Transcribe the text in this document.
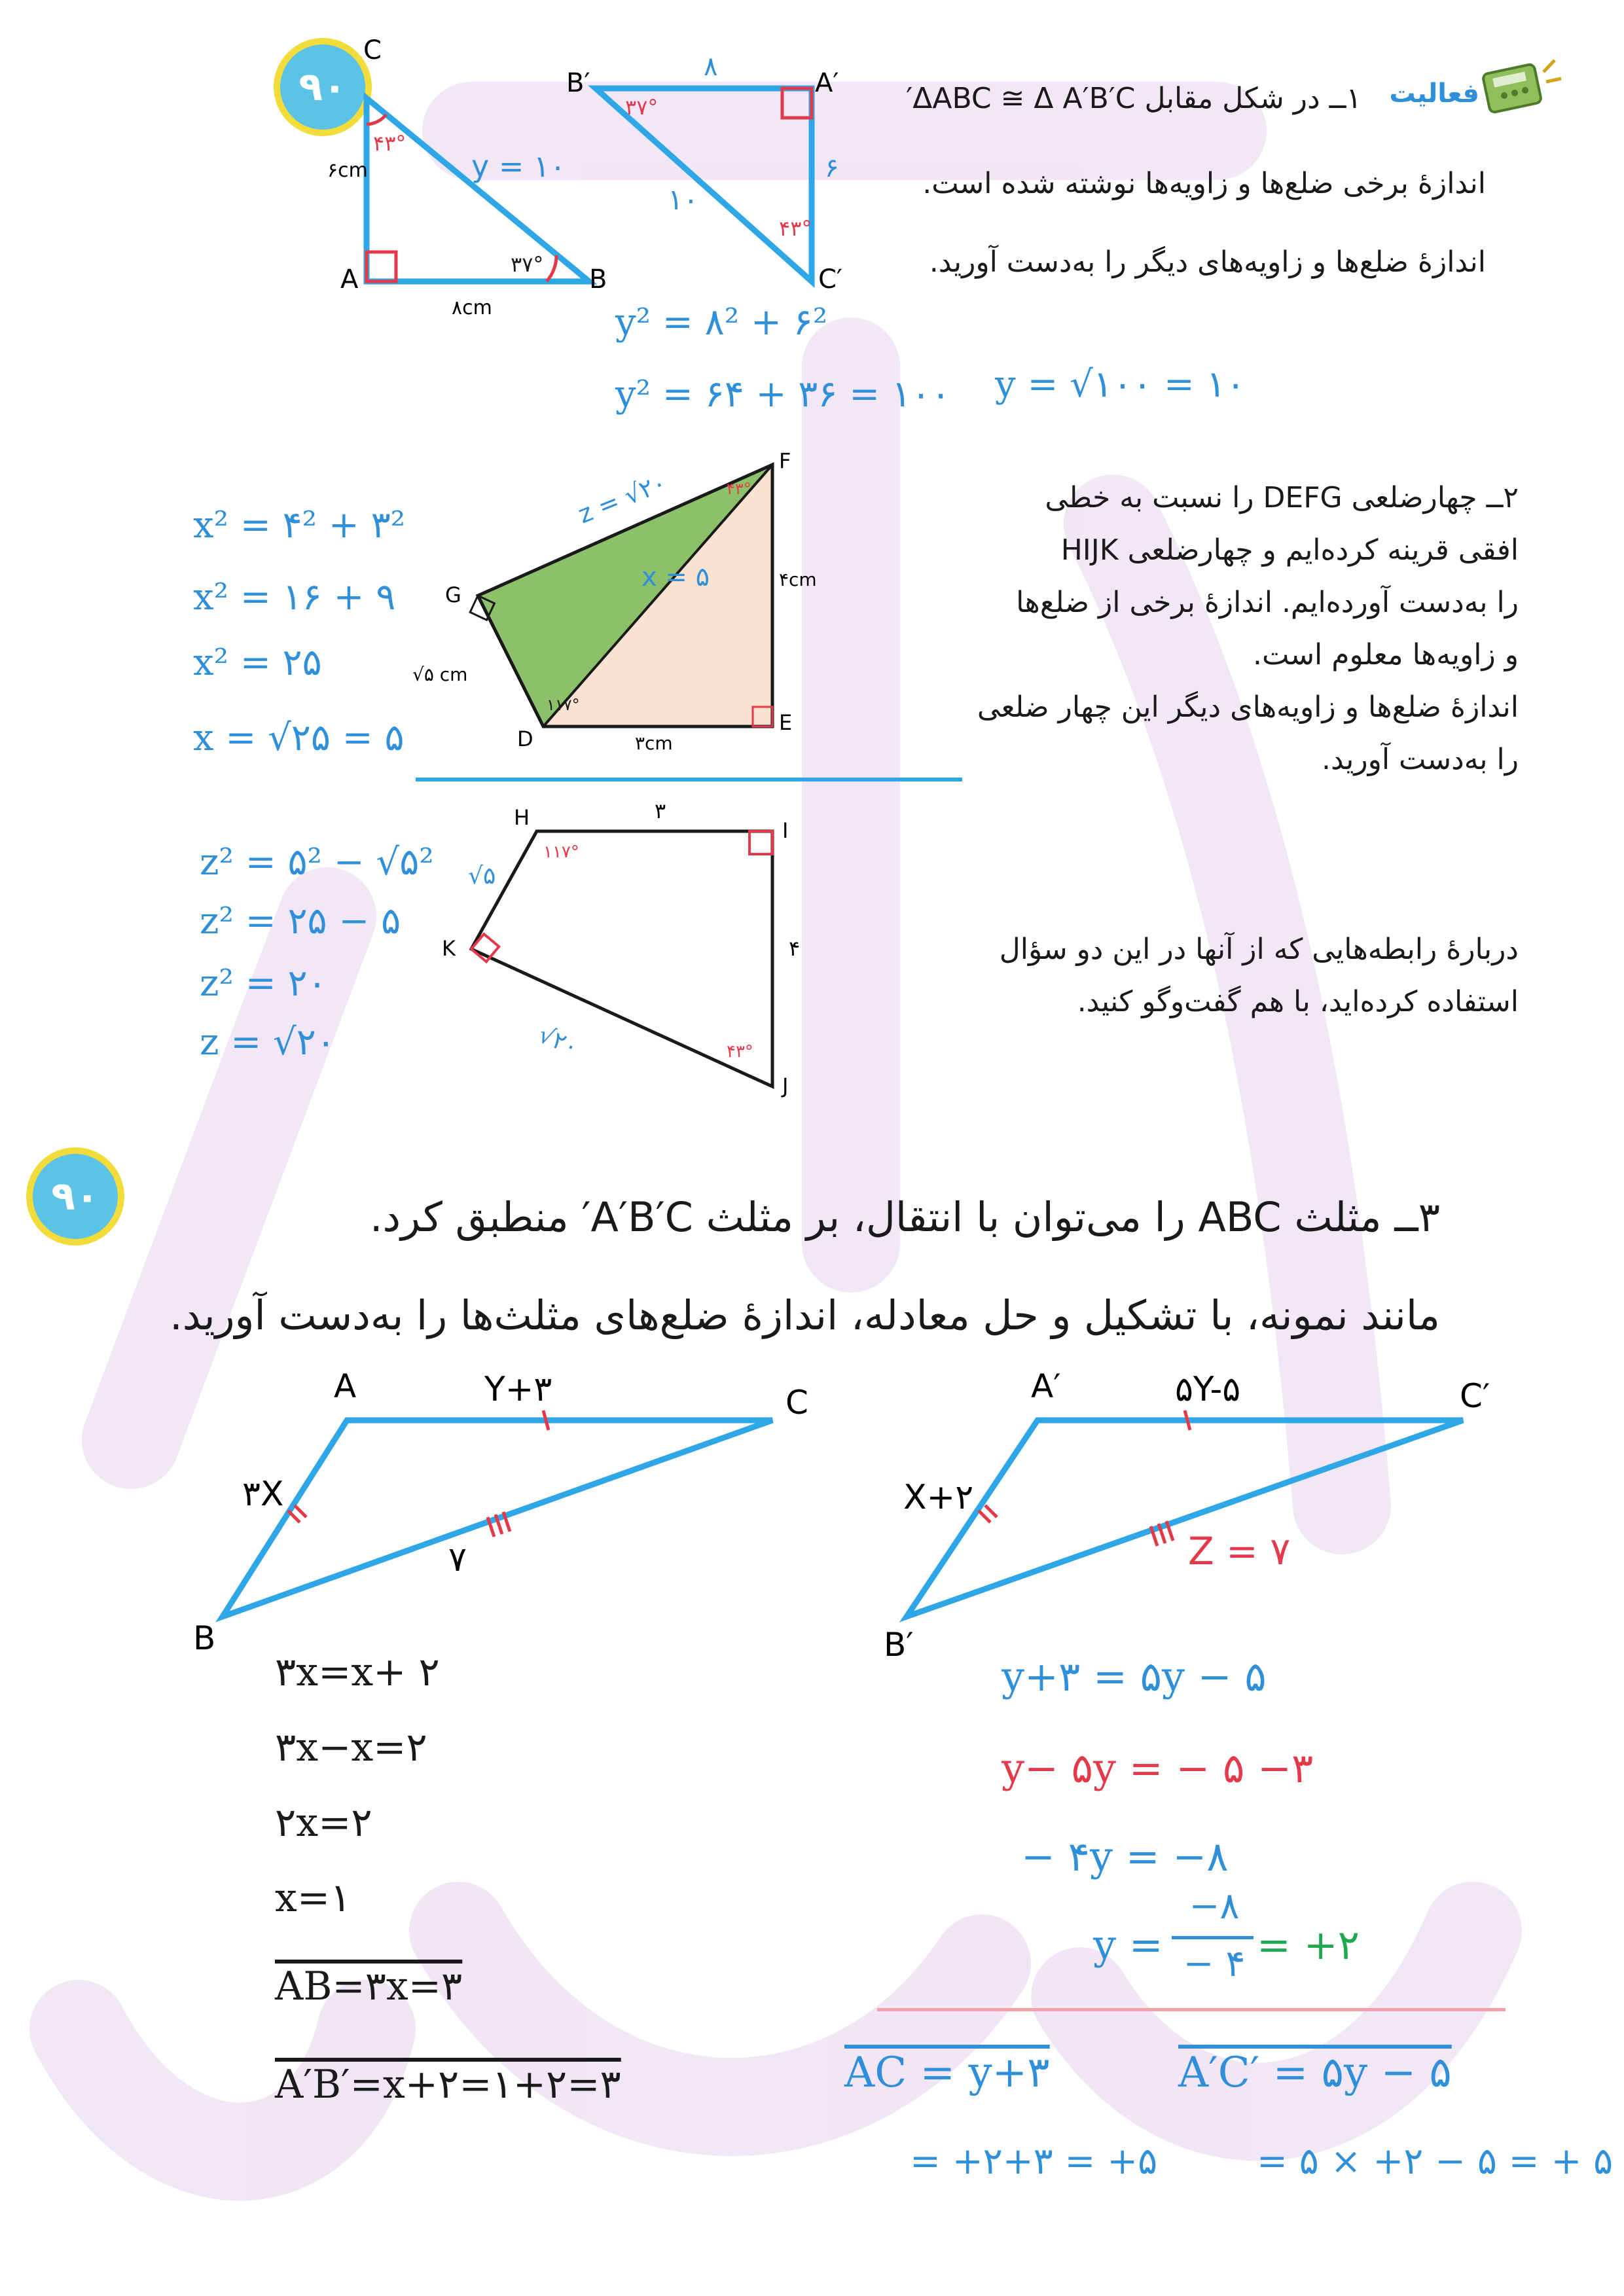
۹۰
۹۰
فعالیت
۱ــ در شکل مقابل ΔABC ≅ Δ A′B′C′
اندازهٔ برخی ضلع‌ها و زاویه‌ها نوشته شده است.
اندازهٔ ضلع‌ها و زاویه‌های دیگر را به‌دست آورید.
C
A	B
۶cm
۸cm
y = ۱۰
۴۳°
۳۷°
B′	A′
C′
۸
۶
۱۰
۳۷°
۴۳°
y² = ۸² + ۶²
y² = ۶۴ + ۳۶ = ۱۰۰ y = √۱۰۰ = ۱۰
۲ــ چهارضلعی DEFG را نسبت به خطی
افقی قرینه کرده‌ایم و چهارضلعی HIJK
را به‌دست آورده‌ایم. اندازهٔ برخی از ضلع‌ها
و زاویه‌ها معلوم است.
اندازهٔ ضلع‌ها و زاویه‌های دیگر این چهار ضلعی
را به‌دست آورید.
G
F
D
E
√۵ cm
۳cm
۴cm
x = ۵
z = √۲۰
۱۱۷°
۴۳°
H
I
K
J
√۵
۳
۴
√۲۰
۱۱۷°
۴۳°
x² = ۴² + ۳²
x² = ۱۶ + ۹
x² = ۲۵
x = √۲۵ = ۵
z² = ۵² − √۵²
z² = ۲۵ − ۵
z² = ۲۰
z = √۲۰
دربارهٔ رابطه‌هایی که از آنها در این دو سؤال
استفاده کرده‌اید، با هم گفت‌وگو کنید.
۳ــ مثلث ABC را می‌توان با انتقال، بر مثلث A′B′C′ منطبق کرد.
مانند نمونه، با تشکیل و حل معادله، اندازهٔ ضلع‌های مثلث‌ها را به‌دست آورید.
A	C
B
Y+۳
۳X
۷
A′	C′
B′
۵Y-۵
X+۲
Z = ۷
۳x=x+ ۲
۳x−x=۲
۲x=۲
x=۱
AB=۳x=۳
A′B′=x+۲=۱+۲=۳
y+۳ = ۵y − ۵
y− ۵y = − ۵ −۳
− ۴y = −۸
y =
−۸
− ۴ = +۲
AC = y+۳
= +۲+۳ = +۵
A′C′ = ۵y − ۵
= ۵ × +۲ − ۵ = + ۵
